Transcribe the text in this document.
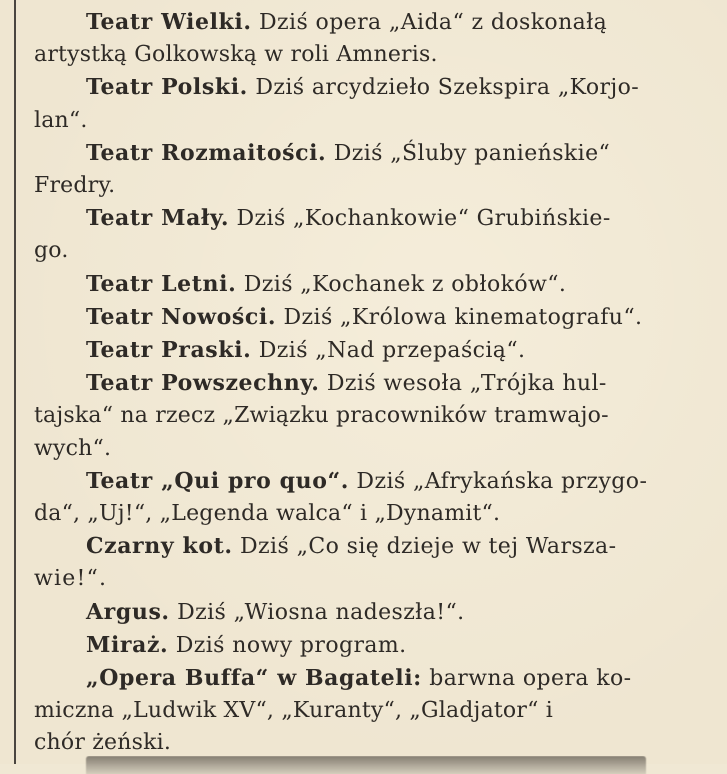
Teatr Wielki. Dziś opera „Aida“ z doskonałą
artystką Golkowską w roli Amneris.
Teatr Polski. Dziś arcydzieło Szekspira „Korjo-
lan“.
Teatr Rozmaitości. Dziś „Śluby panieńskie“
Fredry.
Teatr Mały. Dziś „Kochankowie“ Grubińskie-
go.
Teatr Letni. Dziś „Kochanek z obłoków“.
Teatr Nowości. Dziś „Królowa kinematografu“.
Teatr Praski. Dziś „Nad przepaścią“.
Teatr Powszechny. Dziś wesoła „Trójka hul-
tajska“ na rzecz „Związku pracowników tramwajo-
wych“.
Teatr „Qui pro quo“. Dziś „Afrykańska przygo-
da“, „Uj!“, „Legenda walca“ i „Dynamit“.
Czarny kot. Dziś „Co się dzieje w tej Warsza-
wie!“.
Argus. Dziś „Wiosna nadeszła!“.
Miraż. Dziś nowy program.
„Opera Buffa“ w Bagateli: barwna opera ko-
miczna „Ludwik XV“, „Kuranty“, „Gladjator“ i
chór żeński.
